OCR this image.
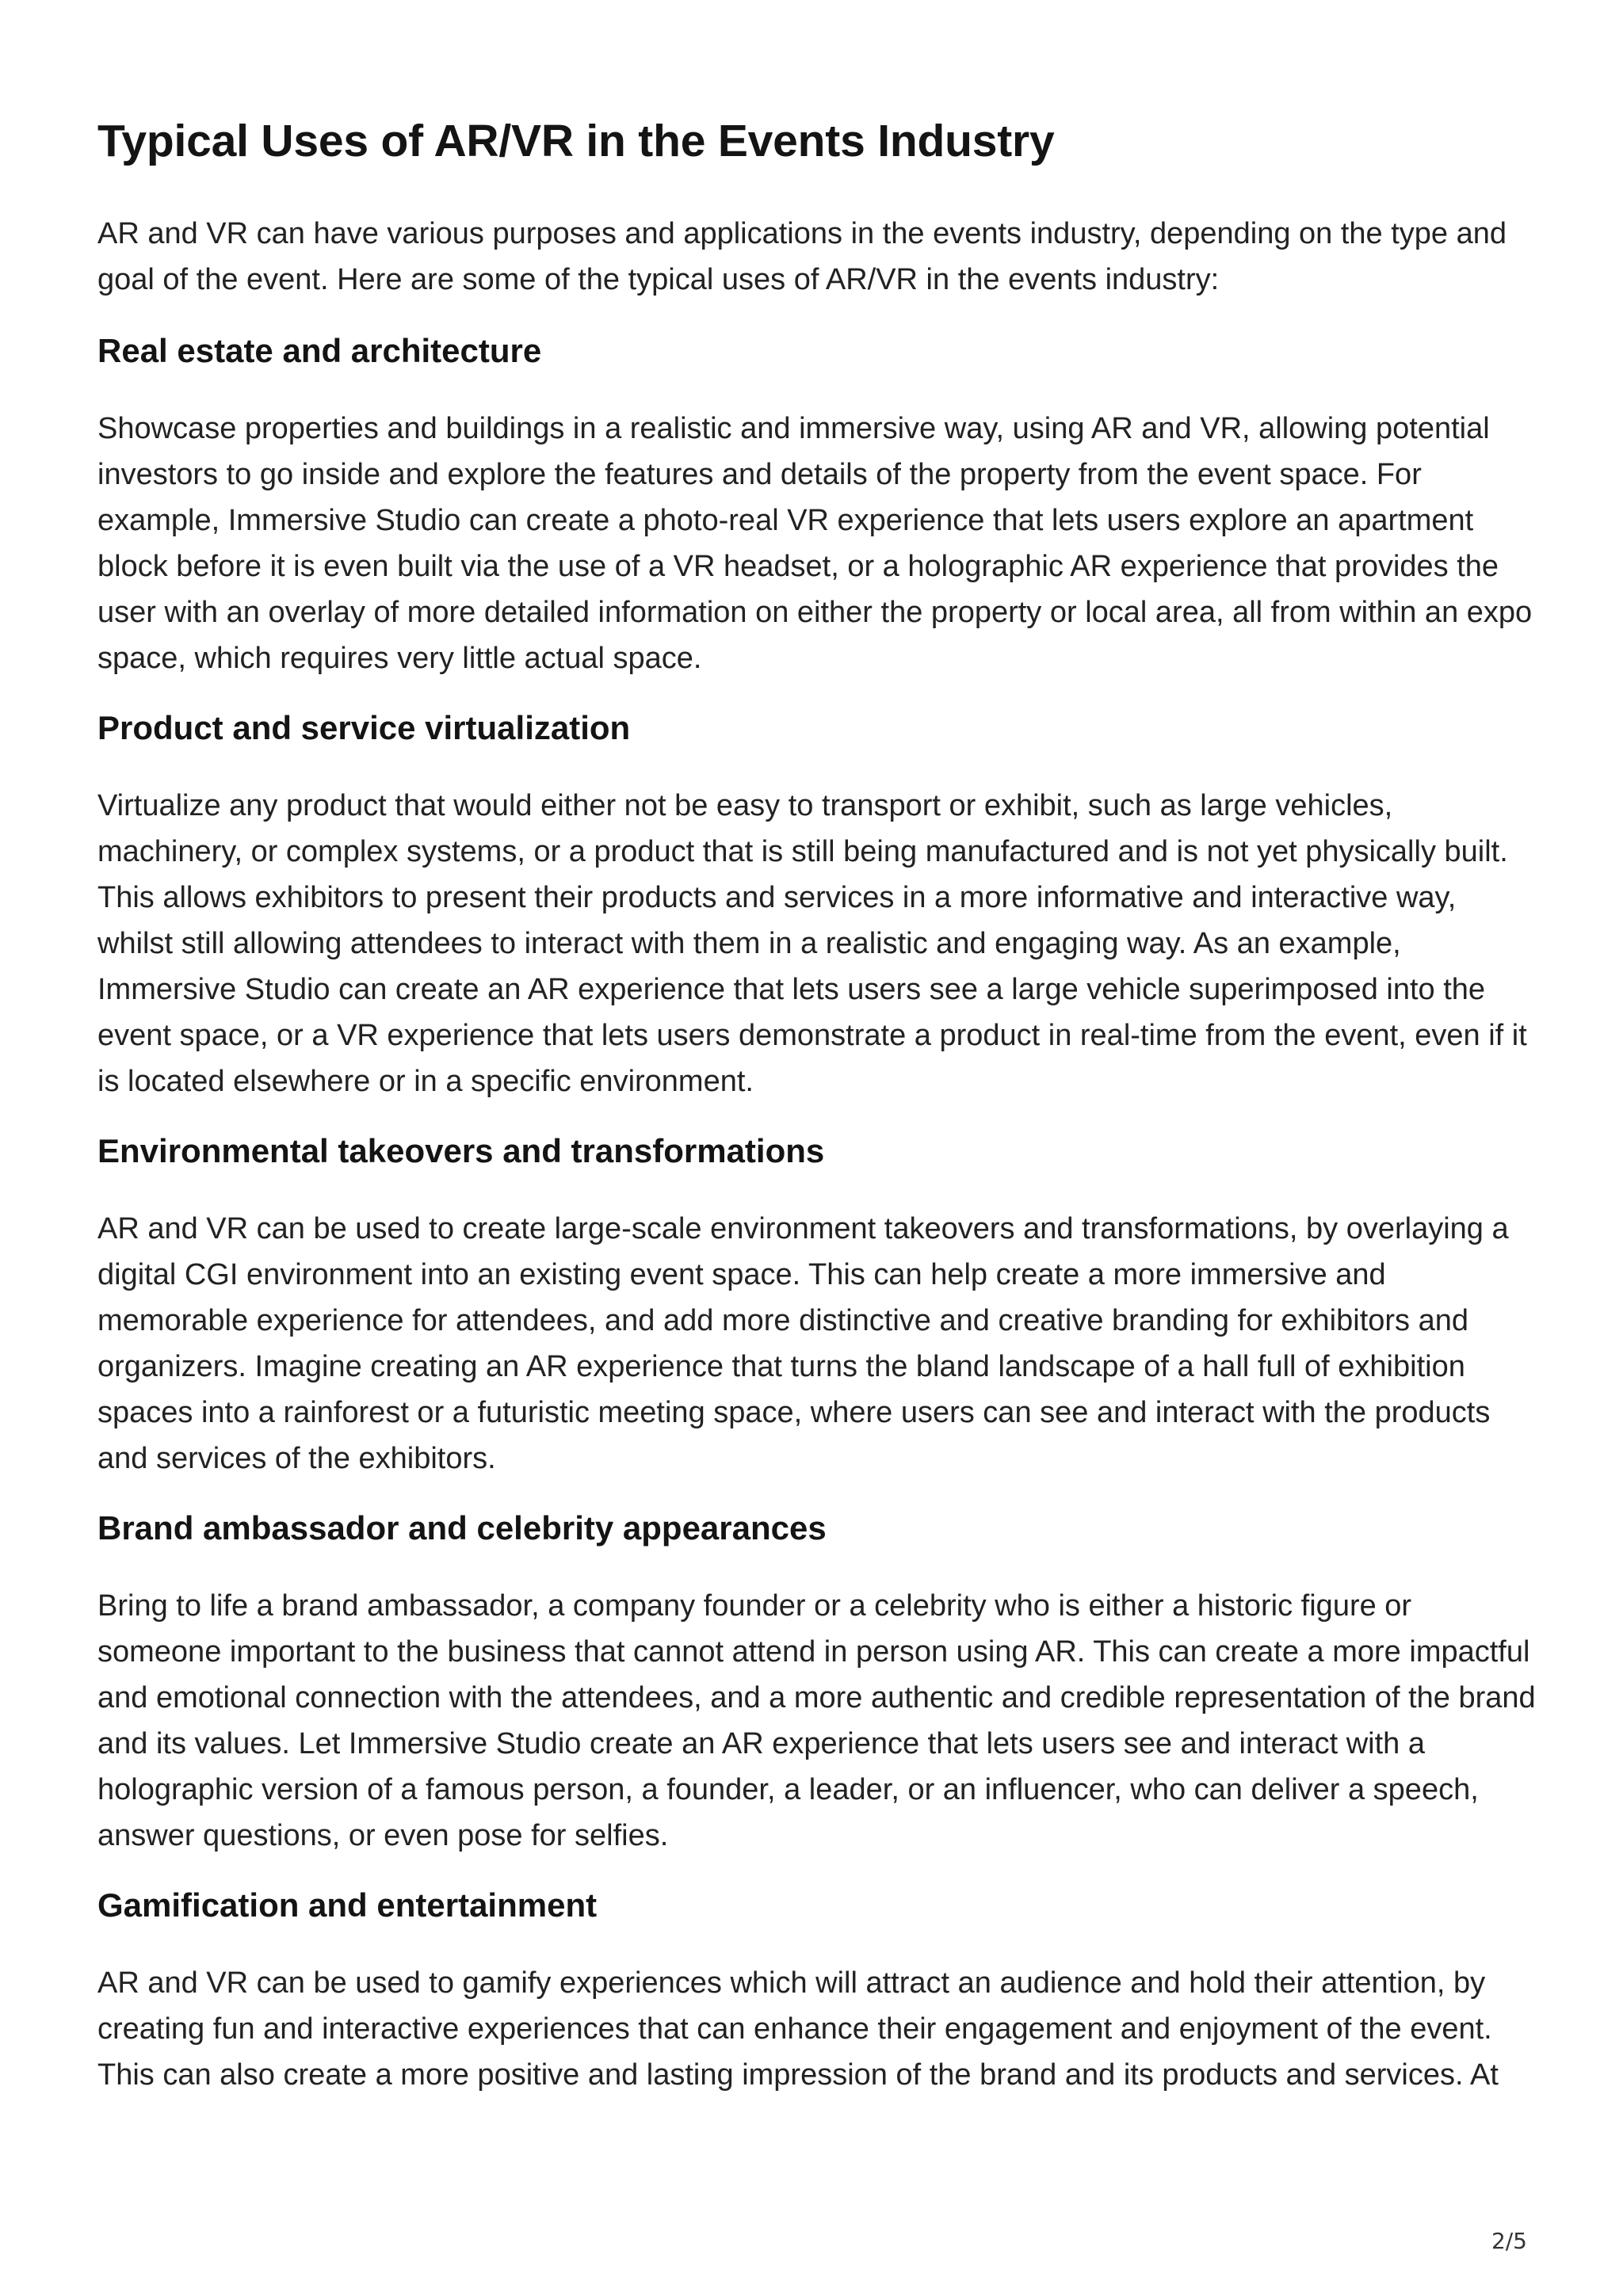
Typical Uses of AR/VR in the Events Industry

AR and VR can have various purposes and applications in the events industry, depending on the type and goal of the event. Here are some of the typical uses of AR/VR in the events industry:

Real estate and architecture

Showcase properties and buildings in a realistic and immersive way, using AR and VR, allowing potential investors to go inside and explore the features and details of the property from the event space. For example, Immersive Studio can create a photo-real VR experience that lets users explore an apartment block before it is even built via the use of a VR headset, or a holographic AR experience that provides the user with an overlay of more detailed information on either the property or local area, all from within an expo space, which requires very little actual space.

Product and service virtualization

Virtualize any product that would either not be easy to transport or exhibit, such as large vehicles, machinery, or complex systems, or a product that is still being manufactured and is not yet physically built. This allows exhibitors to present their products and services in a more informative and interactive way, whilst still allowing attendees to interact with them in a realistic and engaging way. As an example, Immersive Studio can create an AR experience that lets users see a large vehicle superimposed into the event space, or a VR experience that lets users demonstrate a product in real-time from the event, even if it is located elsewhere or in a specific environment.

Environmental takeovers and transformations

AR and VR can be used to create large-scale environment takeovers and transformations, by overlaying a digital CGI environment into an existing event space. This can help create a more immersive and memorable experience for attendees, and add more distinctive and creative branding for exhibitors and organizers. Imagine creating an AR experience that turns the bland landscape of a hall full of exhibition spaces into a rainforest or a futuristic meeting space, where users can see and interact with the products and services of the exhibitors.

Brand ambassador and celebrity appearances

Bring to life a brand ambassador, a company founder or a celebrity who is either a historic figure or someone important to the business that cannot attend in person using AR. This can create a more impactful and emotional connection with the attendees, and a more authentic and credible representation of the brand and its values. Let Immersive Studio create an AR experience that lets users see and interact with a holographic version of a famous person, a founder, a leader, or an influencer, who can deliver a speech, answer questions, or even pose for selfies.

Gamification and entertainment

AR and VR can be used to gamify experiences which will attract an audience and hold their attention, by creating fun and interactive experiences that can enhance their engagement and enjoyment of the event. This can also create a more positive and lasting impression of the brand and its products and services. At

2/5
